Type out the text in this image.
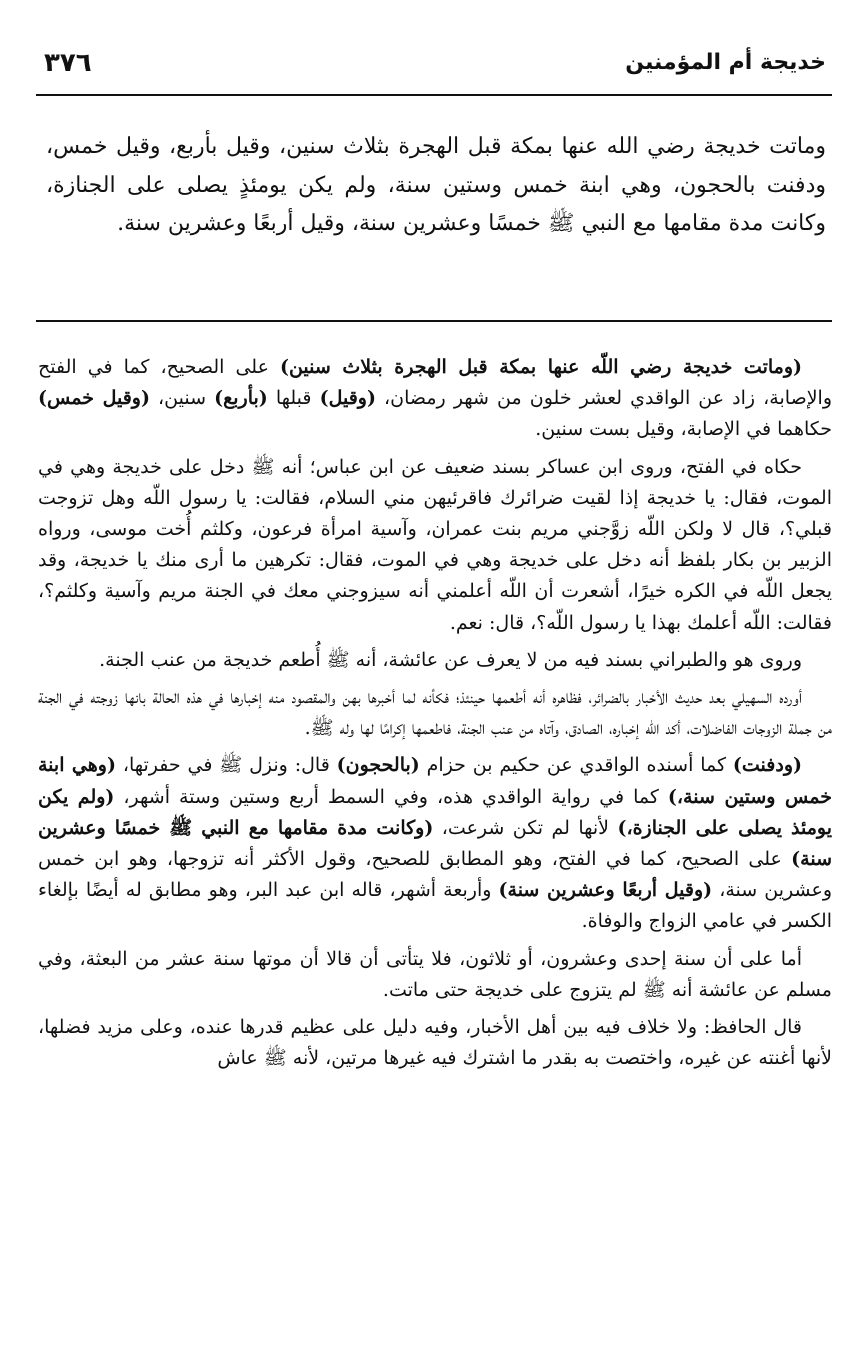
٣٧٦	خديجة أم المؤمنين
وماتت خديجة رضي الله عنها بمكة قبل الهجرة بثلاث سنين، وقيل بأربع، وقيل خمس، ودفنت بالحجون، وهي ابنة خمس وستين سنة، ولم يكن يومئذٍ يصلى على الجنازة، وكانت مدة مقامها مع النبي ﷺ خمسًا وعشرين سنة، وقيل أربعًا وعشرين سنة.

(وماتت خديجة رضي اللّه عنها بمكة قبل الهجرة بثلاث سنين) على الصحيح، كما في الفتح والإصابة، زاد عن الواقدي لعشر خلون من شهر رمضان، (وقيل) قبلها (بأربع) سنين، (وقيل خمس) حكاهما في الإصابة، وقيل بست سنين.

حكاه في الفتح، وروى ابن عساكر بسند ضعيف عن ابن عباس؛ أنه ﷺ دخل على خديجة وهي في الموت، فقال: يا خديجة إذا لقيت ضرائرك فاقرئيهن مني السلام، فقالت: يا رسول اللّه وهل تزوجت قبلي؟، قال لا ولكن اللّه زوَّجني مريم بنت عمران، وآسية امرأة فرعون، وكلثم أُخت موسى، ورواه الزبير بن بكار بلفظ أنه دخل على خديجة وهي في الموت، فقال: تكرهين ما أرى منك يا خديجة، وقد يجعل اللّه في الكره خيرًا، أشعرت أن اللّه أعلمني أنه سيزوجني معك في الجنة مريم وآسية وكلثم؟، فقالت: اللّه أعلمك بهذا يا رسول اللّه؟، قال: نعم.

وروى هو والطبراني بسند فيه من لا يعرف عن عائشة، أنه ﷺ أُطعم خديجة من عنب الجنة.

أورده السهيلي بعد حديث الأخبار بالضرائر، فظاهره أنه أطعمها حينئذ؛ فكأنه لما أخبرها بهن والمقصود منه إخبارها في هذه الحالة بانها زوجته في الجنة من جملة الزوجات الفاضلات، أكد اللّه إخباره، الصادق، وآتاه من عنب الجنة، فاطعمها إكرامًا لها وله ﷺ.

(ودفنت) كما أسنده الواقدي عن حكيم بن حزام (بالحجون) قال: ونزل ﷺ في حفرتها، (وهي ابنة خمس وستين سنة،) كما في رواية الواقدي هذه، وفي السمط أربع وستين وستة أشهر، (ولم يكن يومئذ يصلى على الجنازة،) لأنها لم تكن شرعت، (وكانت مدة مقامها مع النبي ﷺ خمسًا وعشرين سنة) على الصحيح، كما في الفتح، وهو المطابق للصحيح، وقول الأكثر أنه تزوجها، وهو ابن خمس وعشرين سنة، (وقيل أربعًا وعشرين سنة) وأربعة أشهر، قاله ابن عبد البر، وهو مطابق له أيضًا بإلغاء الكسر في عامي الزواج والوفاة.

أما على أن سنة إحدى وعشرون، أو ثلاثون، فلا يتأتى أن قالا أن موتها سنة عشر من البعثة، وفي مسلم عن عائشة أنه ﷺ لم يتزوج على خديجة حتى ماتت.

قال الحافظ: ولا خلاف فيه بين أهل الأخبار، وفيه دليل على عظيم قدرها عنده، وعلى مزيد فضلها، لأنها أغنته عن غيره، واختصت به بقدر ما اشترك فيه غيرها مرتين، لأنه ﷺ عاش
